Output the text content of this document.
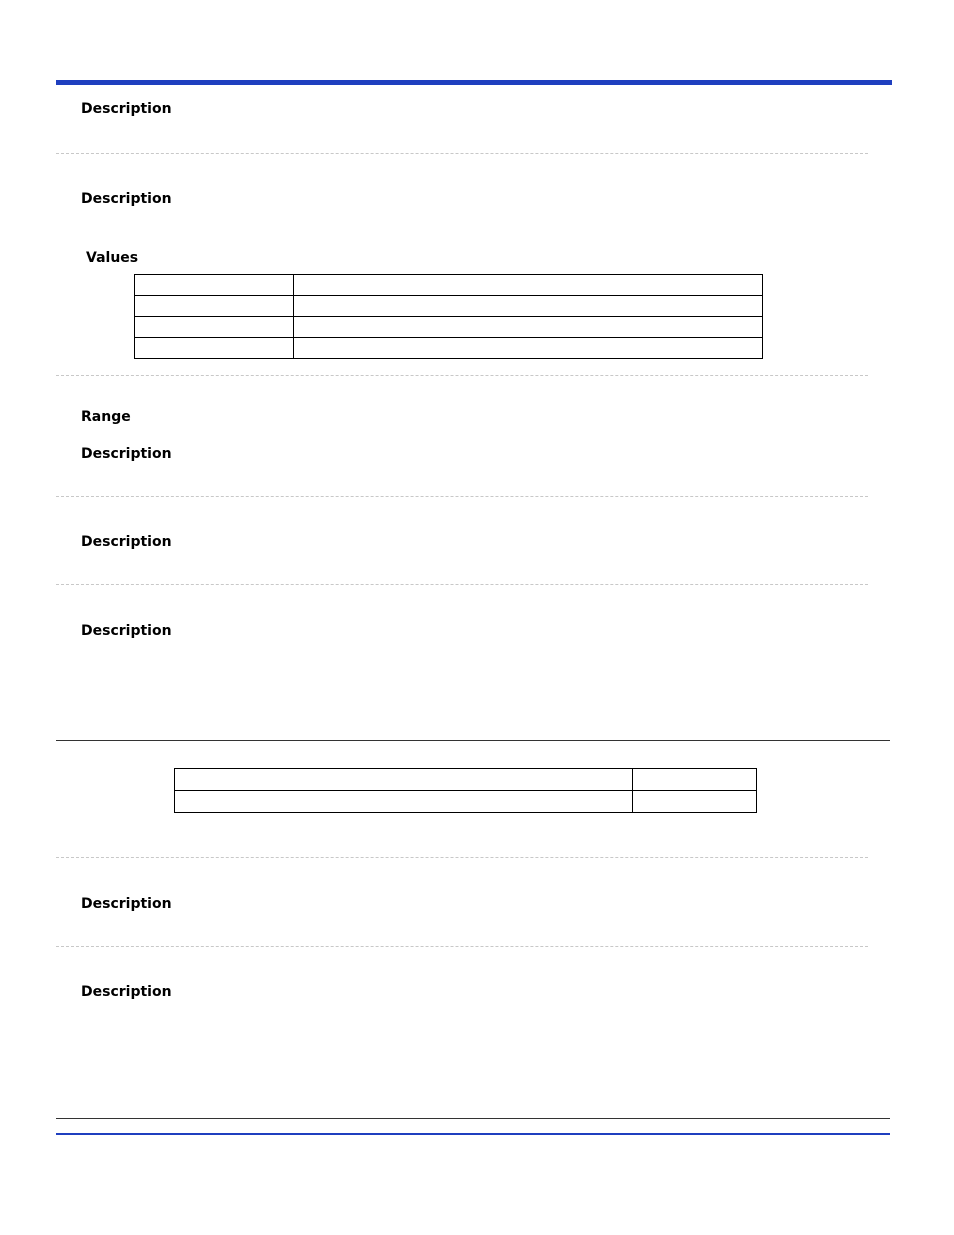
Description
Description
Values

Range
Description
Description
Description

Description
Description
